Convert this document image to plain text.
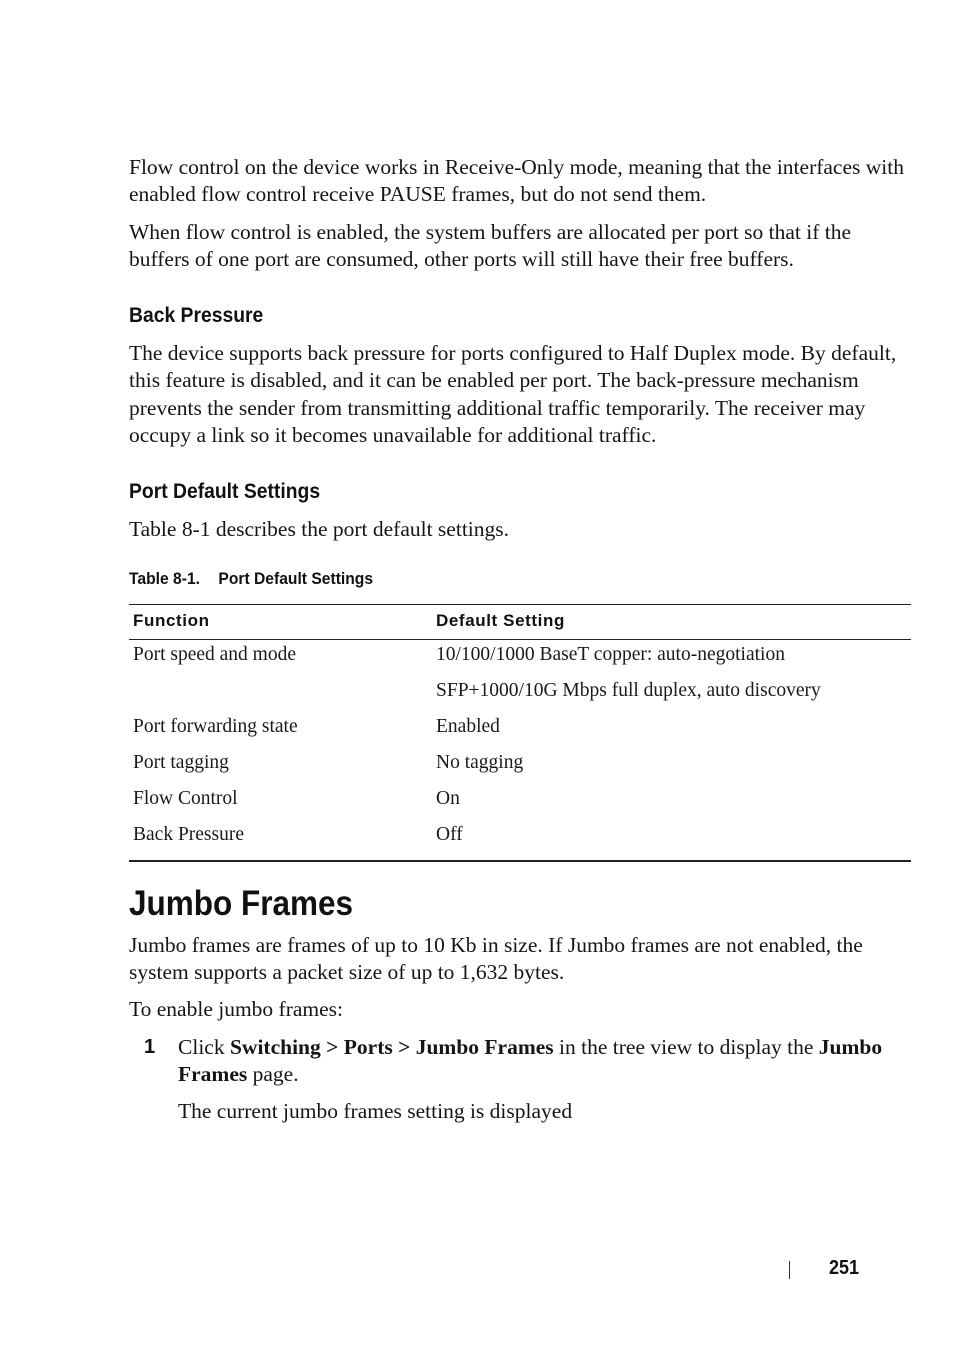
Flow control on the device works in Receive-Only mode, meaning that the interfaces with enabled flow control receive PAUSE frames, but do not send them.

When flow control is enabled, the system buffers are allocated per port so that if the buffers of one port are consumed, other ports will still have their free buffers.

Back Pressure

The device supports back pressure for ports configured to Half Duplex mode. By default, this feature is disabled, and it can be enabled per port. The back-pressure mechanism prevents the sender from transmitting additional traffic temporarily. The receiver may occupy a link so it becomes unavailable for additional traffic.

Port Default Settings

Table 8-1 describes the port default settings.

Table 8-1. Port Default Settings
Function	Default Setting
Port speed and mode	10/100/1000 BaseT copper: auto-negotiation
	SFP+1000/10G Mbps full duplex, auto discovery
Port forwarding state	Enabled
Port tagging	No tagging
Flow Control	On
Back Pressure	Off
Jumbo Frames

Jumbo frames are frames of up to 10 Kb in size. If Jumbo frames are not enabled, the system supports a packet size of up to 1,632 bytes.

To enable jumbo frames:

1 Click Switching > Ports > Jumbo Frames in the tree view to display the Jumbo Frames page.

The current jumbo frames setting is displayed

251
